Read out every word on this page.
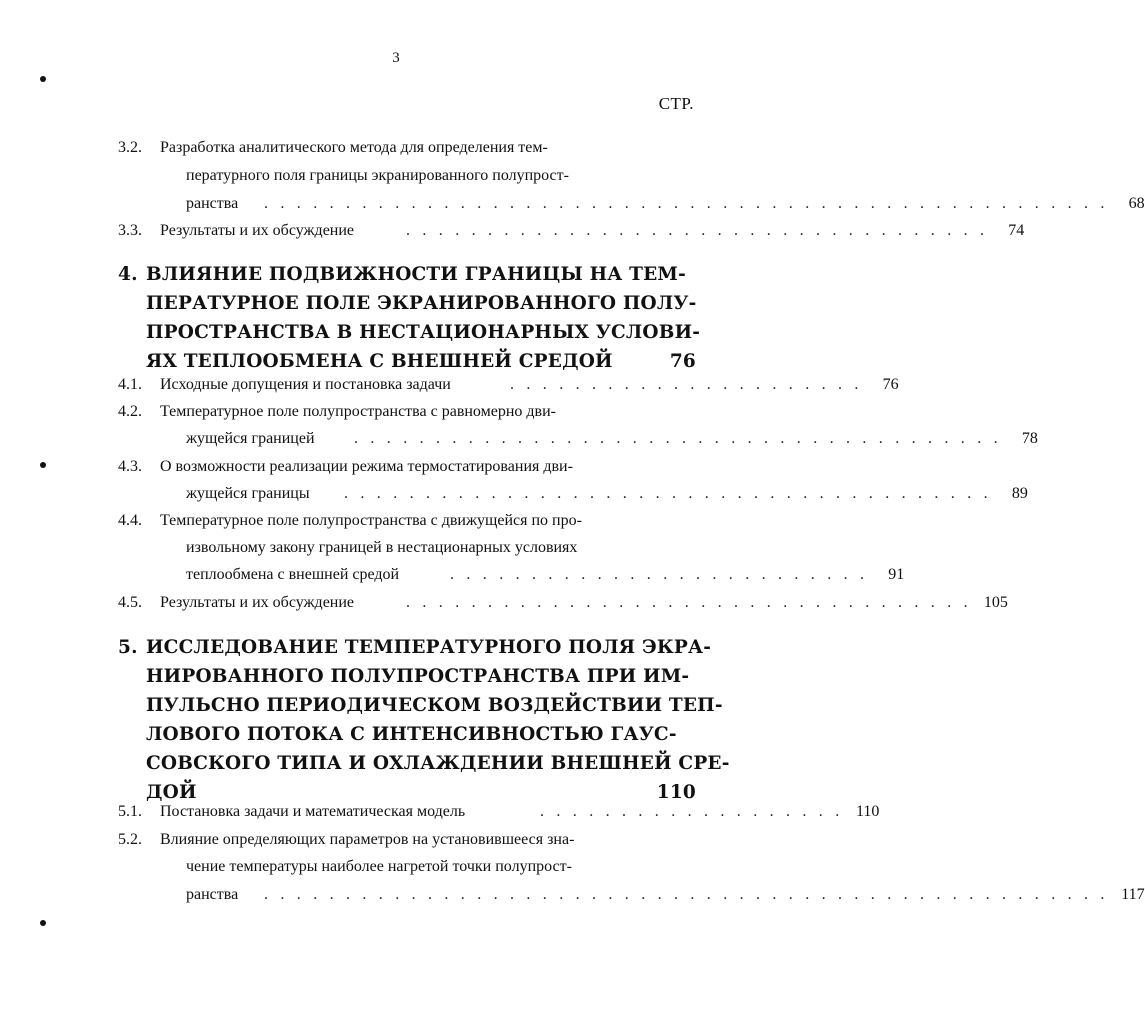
3
СТР.
3.2. Разработка аналитического метода для определения тем-
пературного поля границы экранированного полупрост-
ранства . . . . . . . . . . . . . . . . . . . . . . . . . . . . . . . . . . . . . . . . . . . . . . . . . . . .	68
3.3. Результаты и их обсуждение	. . . . . . . . . . . . . . . . . . . . . . . . . . . . . . . . . . . .	74
4. ВЛИЯНИЕ ПОДВИЖНОСТИ ГРАНИЦЫ НА ТЕМ-
ПЕРАТУРНОЕ ПОЛЕ ЭКРАНИРОВАННОГО ПОЛУ-
ПРОСТРАНСТВА В НЕСТАЦИОНАРНЫХ УСЛОВИ-
ЯХ ТЕПЛООБМЕНА С ВНЕШНЕЙ СРЕДОЙ	76
4.1. Исходные допущения и постановка задачи	. . . . . . . . . . . . . . . . . . . . . .	76
4.2. Температурное поле полупространства с равномерно дви-
жущейся границей . . . . . . . . . . . . . . . . . . . . . . . . . . . . . . . . . . . . . . . .	78
4.3. О возможности реализации режима термостатирования дви-
жущейся границы . . . . . . . . . . . . . . . . . . . . . . . . . . . . . . . . . . . . . . . .	89
4.4. Температурное поле полупространства с движущейся по про-
извольному закону границей в нестационарных условиях
теплообмена с внешней средой	. . . . . . . . . . . . . . . . . . . . . . . . . .	91
4.5. Результаты и их обсуждение	. . . . . . . . . . . . . . . . . . . . . . . . . . . . . . . . . . . 105
5. ИССЛЕДОВАНИЕ ТЕМПЕРАТУРНОГО ПОЛЯ ЭКРА-
НИРОВАННОГО ПОЛУПРОСТРАНСТВА ПРИ ИМ-
ПУЛЬСНО ПЕРИОДИЧЕСКОМ ВОЗДЕЙСТВИИ ТЕП-
ЛОВОГО ПОТОКА С ИНТЕНСИВНОСТЬЮ ГАУС-
СОВСКОГО ТИПА И ОХЛАЖДЕНИИ ВНЕШНЕЙ СРЕ-
ДОЙ	110
5.1. Постановка задачи и математическая модель	. . . . . . . . . . . . . . . . . . . 110
5.2. Влияние определяющих параметров на установившееся зна-
чение температуры наиболее нагретой точки полупрост-
ранства . . . . . . . . . . . . . . . . . . . . . . . . . . . . . . . . . . . . . . . . . . . . . . . . . . . . 117
